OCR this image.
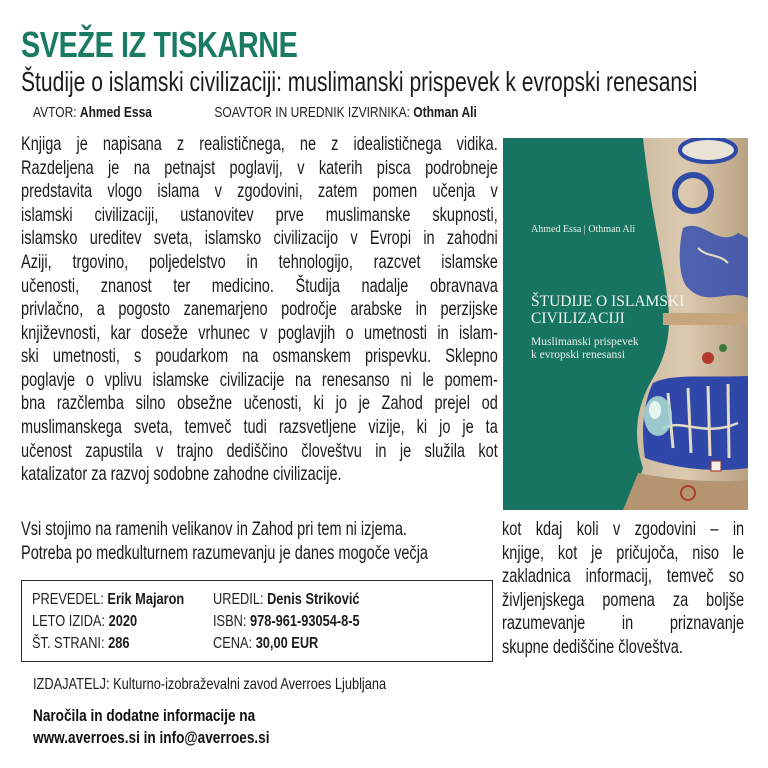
SVEŽE IZ TISKARNE
Študije o islamski civilizaciji: muslimanski prispevek k evropski renesansi
AVTOR: Ahmed Essa	SOAVTOR IN UREDNIK IZVIRNIKA: Othman Ali
Knjiga je napisana z realističnega, ne z idealističnega vidika.
Razdeljena je na petnajst poglavij, v katerih pisca podrobneje
predstavita vlogo islama v zgodovini, zatem pomen učenja v
islamski civilizaciji, ustanovitev prve muslimanske skupnosti,
islamsko ureditev sveta, islamsko civilizacijo v Evropi in zahodni
Aziji, trgovino, poljedelstvo in tehnologijo, razcvet islamske
učenosti, znanost ter medicino. Študija nadalje obravnava
privlačno, a pogosto zanemarjeno področje arabske in perzijske
književnosti, kar doseže vrhunec v poglavjih o umetnosti in islam-
ski umetnosti, s poudarkom na osmanskem prispevku. Sklepno
poglavje o vplivu islamske civilizacije na renesanso ni le pomem-
bna razčlemba silno obsežne učenosti, ki jo je Zahod prejel od
muslimanskega sveta, temveč tudi razsvetljene vizije, ki jo je ta
učenost zapustila v trajno dediščino človeštvu in je služila kot
katalizator za razvoj sodobne zahodne civilizacije.
Ahmed Essa | Othman Ali
ŠTUDIJE O ISLAMSKI
CIVILIZACIJI
Muslimanski prispevek
k evropski renesansi
Vsi stojimo na ramenih velikanov in Zahod pri tem ni izjema.
Potreba po medkulturnem razumevanju je danes mogoče večja
kot kdaj koli v zgodovini – in
knjige, kot je pričujoča, niso le
zakladnica informacij, temveč so
življenjskega pomena za boljše
razumevanje in priznavanje
skupne dediščine človeštva.
PREVEDEL: Erik Majaron
LETO IZIDA: 2020
ŠT. STRANI: 286
UREDIL: Denis Striković
ISBN: 978-961-93054-8-5
CENA: 30,00 EUR
IZDAJATELJ: Kulturno-izobraževalni zavod Averroes Ljubljana
Naročila in dodatne informacije na
www.averroes.si in info@averroes.si
